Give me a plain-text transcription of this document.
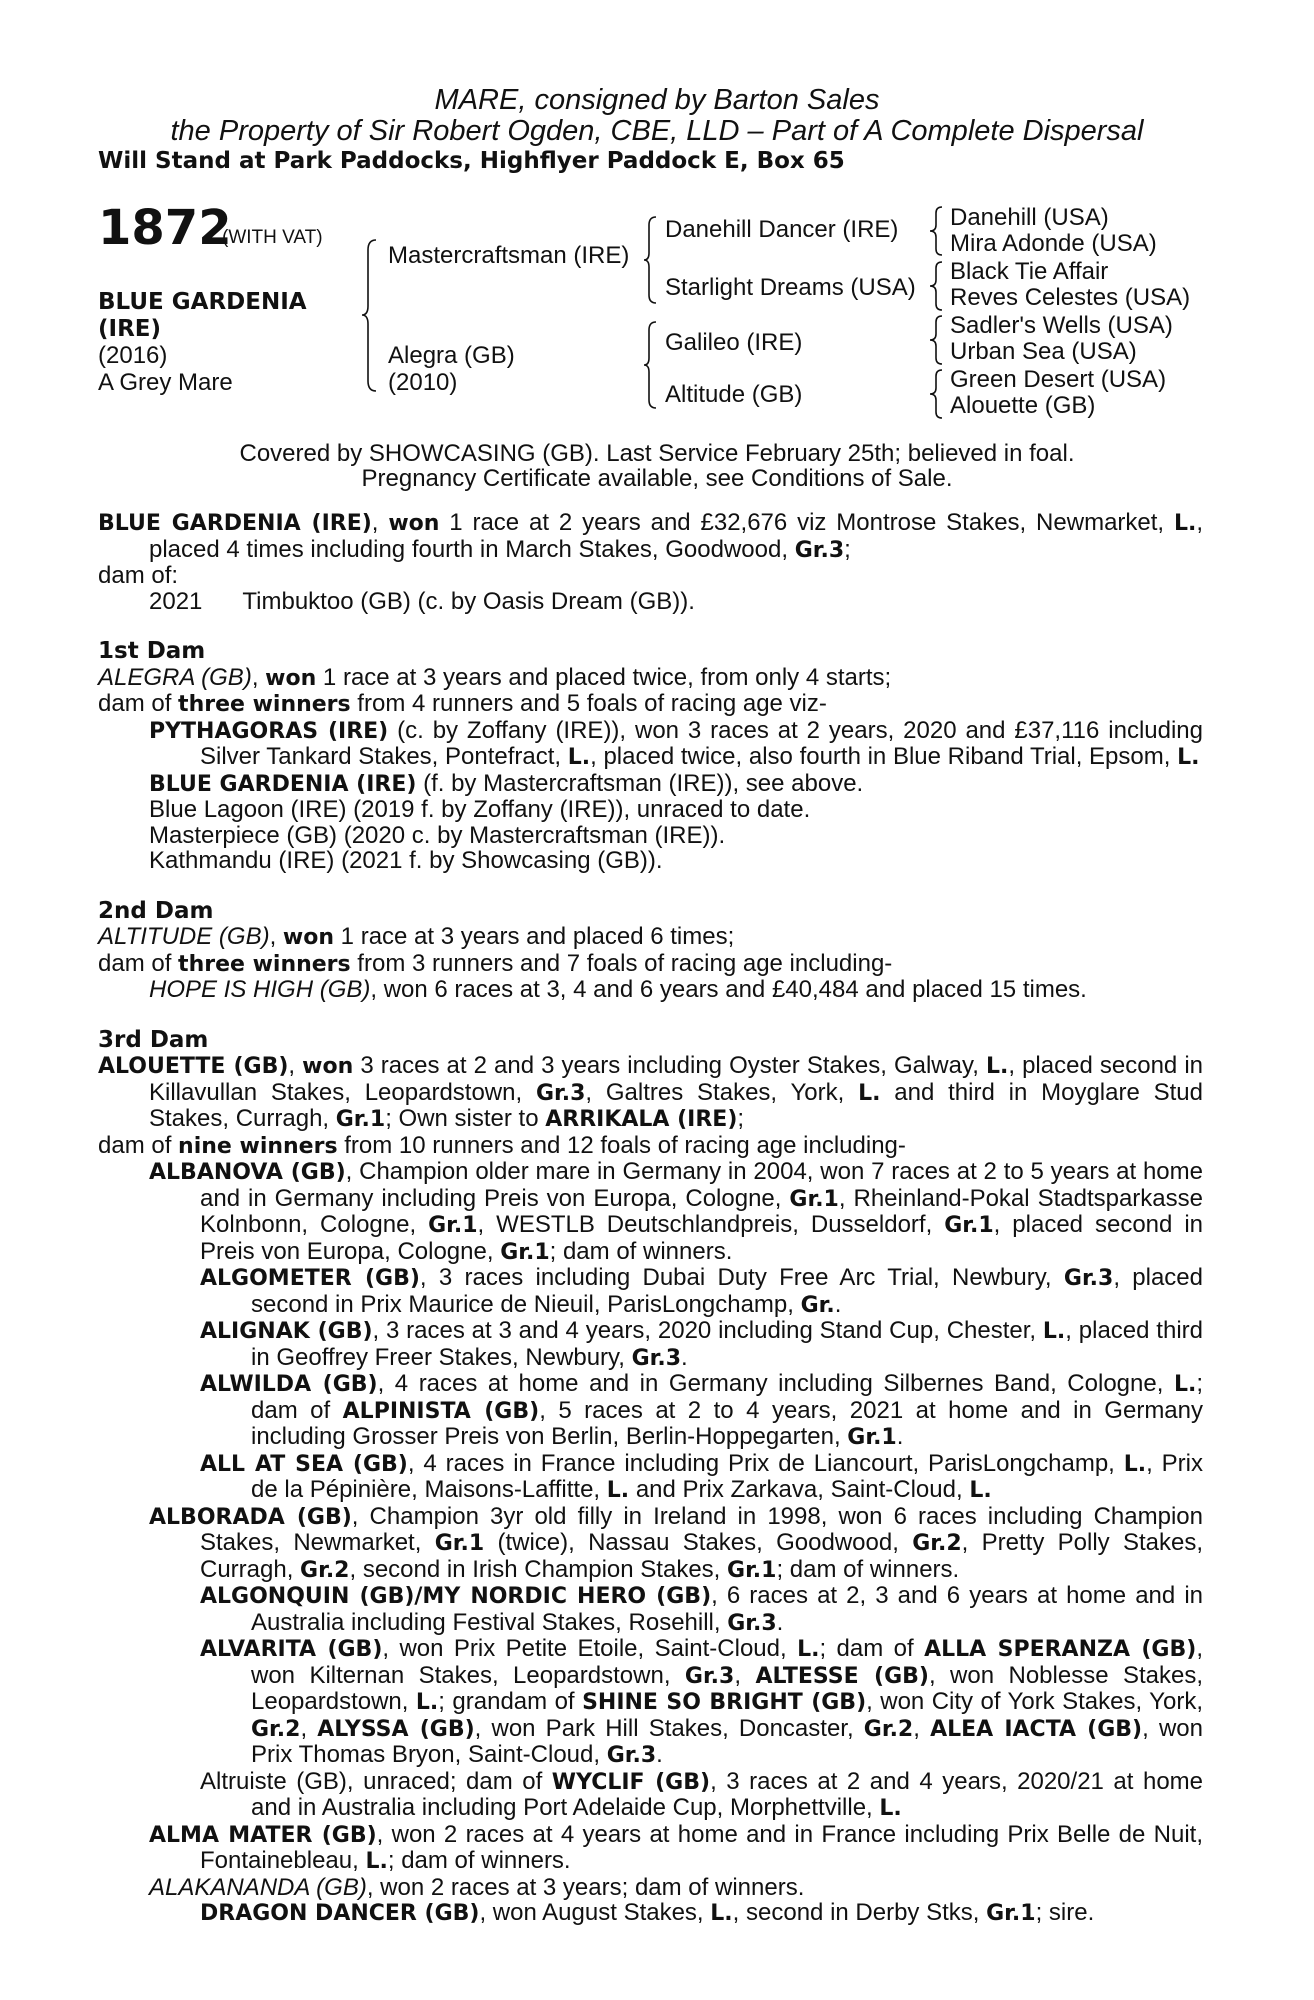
MARE, consigned by Barton Sales
the Property of Sir Robert Ogden, CBE, LLD – Part of A Complete Dispersal
Will Stand at Park Paddocks, Highflyer Paddock E, Box 65
1872
(WITH VAT)
BLUE GARDENIA
(IRE)
(2016)
A Grey Mare
Mastercraftsman (IRE)
Alegra (GB)
(2010)
Danehill Dancer (IRE)
Starlight Dreams (USA)
Galileo (IRE)
Altitude (GB)
Danehill (USA)
Mira Adonde (USA)
Black Tie Affair
Reves Celestes (USA)
Sadler's Wells (USA)
Urban Sea (USA)
Green Desert (USA)
Alouette (GB)
Covered by SHOWCASING (GB). Last Service February 25th; believed in foal.
Pregnancy Certificate available, see Conditions of Sale.

BLUE GARDENIA (IRE), won 1 race at 2 years and £32,676 viz Montrose Stakes, Newmarket, L., placed 4 times including fourth in March Stakes, Goodwood, Gr.3;

dam of:

2021 Timbuktoo (GB) (c. by Oasis Dream (GB)).

1st Dam

ALEGRA (GB), won 1 race at 3 years and placed twice, from only 4 starts;

dam of three winners from 4 runners and 5 foals of racing age viz-

PYTHAGORAS (IRE) (c. by Zoffany (IRE)), won 3 races at 2 years, 2020 and £37,116 including Silver Tankard Stakes, Pontefract, L., placed twice, also fourth in Blue Riband Trial, Epsom, L.

BLUE GARDENIA (IRE) (f. by Mastercraftsman (IRE)), see above.

Blue Lagoon (IRE) (2019 f. by Zoffany (IRE)), unraced to date.

Masterpiece (GB) (2020 c. by Mastercraftsman (IRE)).

Kathmandu (IRE) (2021 f. by Showcasing (GB)).

2nd Dam

ALTITUDE (GB), won 1 race at 3 years and placed 6 times;

dam of three winners from 3 runners and 7 foals of racing age including-

HOPE IS HIGH (GB), won 6 races at 3, 4 and 6 years and £40,484 and placed 15 times.

3rd Dam

ALOUETTE (GB), won 3 races at 2 and 3 years including Oyster Stakes, Galway, L., placed second in Killavullan Stakes, Leopardstown, Gr.3, Galtres Stakes, York, L. and third in Moyglare Stud Stakes, Curragh, Gr.1; Own sister to ARRIKALA (IRE);

dam of nine winners from 10 runners and 12 foals of racing age including-

ALBANOVA (GB), Champion older mare in Germany in 2004, won 7 races at 2 to 5 years at home and in Germany including Preis von Europa, Cologne, Gr.1, Rheinland-Pokal Stadtsparkasse Kolnbonn, Cologne, Gr.1, WESTLB Deutschlandpreis, Dusseldorf, Gr.1, placed second in Preis von Europa, Cologne, Gr.1; dam of winners.

ALGOMETER (GB), 3 races including Dubai Duty Free Arc Trial, Newbury, Gr.3, placed second in Prix Maurice de Nieuil, ParisLongchamp, Gr..

ALIGNAK (GB), 3 races at 3 and 4 years, 2020 including Stand Cup, Chester, L., placed third in Geoffrey Freer Stakes, Newbury, Gr.3.

ALWILDA (GB), 4 races at home and in Germany including Silbernes Band, Cologne, L.; dam of ALPINISTA (GB), 5 races at 2 to 4 years, 2021 at home and in Germany including Grosser Preis von Berlin, Berlin-Hoppegarten, Gr.1.

ALL AT SEA (GB), 4 races in France including Prix de Liancourt, ParisLongchamp, L., Prix de la Pépinière, Maisons-Laffitte, L. and Prix Zarkava, Saint-Cloud, L.

ALBORADA (GB), Champion 3yr old filly in Ireland in 1998, won 6 races including Champion Stakes, Newmarket, Gr.1 (twice), Nassau Stakes, Goodwood, Gr.2, Pretty Polly Stakes, Curragh, Gr.2, second in Irish Champion Stakes, Gr.1; dam of winners.

ALGONQUIN (GB)/MY NORDIC HERO (GB), 6 races at 2, 3 and 6 years at home and in Australia including Festival Stakes, Rosehill, Gr.3.

ALVARITA (GB), won Prix Petite Etoile, Saint-Cloud, L.; dam of ALLA SPERANZA (GB), won Kilternan Stakes, Leopardstown, Gr.3, ALTESSE (GB), won Noblesse Stakes, Leopardstown, L.; grandam of SHINE SO BRIGHT (GB), won City of York Stakes, York, Gr.2, ALYSSA (GB), won Park Hill Stakes, Doncaster, Gr.2, ALEA IACTA (GB), won Prix Thomas Bryon, Saint-Cloud, Gr.3.

Altruiste (GB), unraced; dam of WYCLIF (GB), 3 races at 2 and 4 years, 2020/21 at home and in Australia including Port Adelaide Cup, Morphettville, L.

ALMA MATER (GB), won 2 races at 4 years at home and in France including Prix Belle de Nuit, Fontainebleau, L.; dam of winners.

ALAKANANDA (GB), won 2 races at 3 years; dam of winners.

DRAGON DANCER (GB), won August Stakes, L., second in Derby Stks, Gr.1; sire.
